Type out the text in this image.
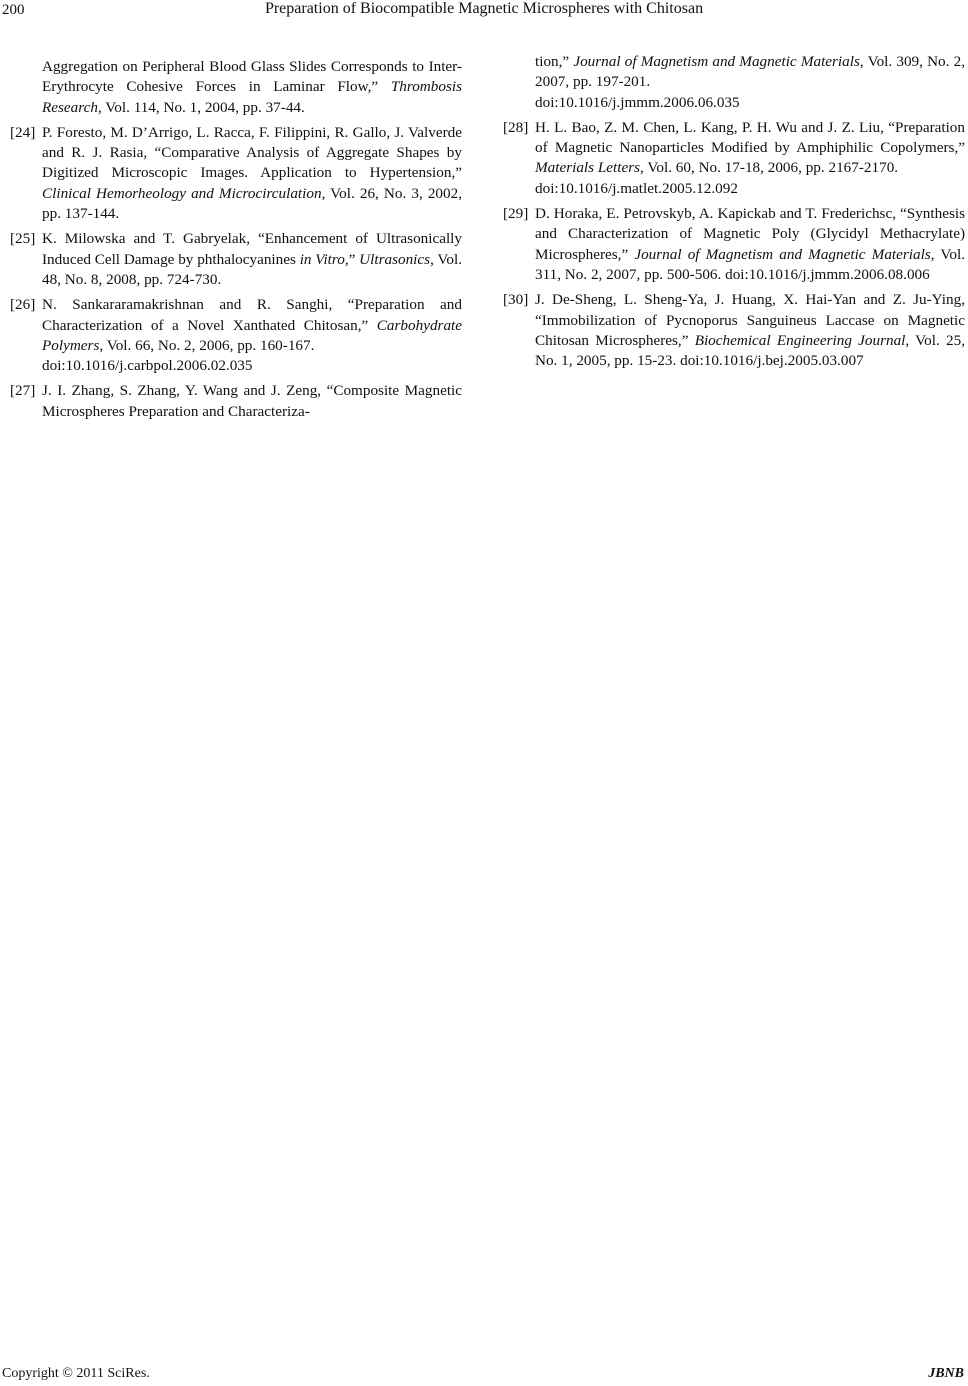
200	Preparation of Biocompatible Magnetic Microspheres with Chitosan
Aggregation on Peripheral Blood Glass Slides Corresponds to Inter-Erythrocyte Cohesive Forces in Laminar Flow,” Thrombosis Research, Vol. 114, No. 1, 2004, pp. 37-44.
[24] P. Foresto, M. D’Arrigo, L. Racca, F. Filippini, R. Gallo, J. Valverde and R. J. Rasia, “Comparative Analysis of Aggregate Shapes by Digitized Microscopic Images. Application to Hypertension,” Clinical Hemorheology and Microcirculation, Vol. 26, No. 3, 2002, pp. 137-144.
[25] K. Milowska and T. Gabryelak, “Enhancement of Ultrasonically Induced Cell Damage by phthalocyanines in Vitro,” Ultrasonics, Vol. 48, No. 8, 2008, pp. 724-730.
[26] N. Sankararamakrishnan and R. Sanghi, “Preparation and Characterization of a Novel Xanthated Chitosan,” Carbohydrate Polymers, Vol. 66, No. 2, 2006, pp. 160-167.
doi:10.1016/j.carbpol.2006.02.035
[27] J. I. Zhang, S. Zhang, Y. Wang and J. Zeng, “Composite Magnetic Microspheres Preparation and Characteriza-
tion,” Journal of Magnetism and Magnetic Materials, Vol. 309, No. 2, 2007, pp. 197-201.
doi:10.1016/j.jmmm.2006.06.035
[28] H. L. Bao, Z. M. Chen, L. Kang, P. H. Wu and J. Z. Liu, “Preparation of Magnetic Nanoparticles Modified by Amphiphilic Copolymers,” Materials Letters, Vol. 60, No. 17-18, 2006, pp. 2167-2170.
doi:10.1016/j.matlet.2005.12.092
[29] D. Horaka, E. Petrovskyb, A. Kapickab and T. Frederichsc, “Synthesis and Characterization of Magnetic Poly (Glycidyl Methacrylate) Microspheres,” Journal of Magnetism and Magnetic Materials, Vol. 311, No. 2, 2007, pp. 500-506. doi:10.1016/j.jmmm.2006.08.006
[30] J. De-Sheng, L. Sheng-Ya, J. Huang, X. Hai-Yan and Z. Ju-Ying, “Immobilization of Pycnoporus Sanguineus Laccase on Magnetic Chitosan Microspheres,” Biochemical Engineering Journal, Vol. 25, No. 1, 2005, pp. 15-23. doi:10.1016/j.bej.2005.03.007
Copyright © 2011 SciRes.	JBNB
